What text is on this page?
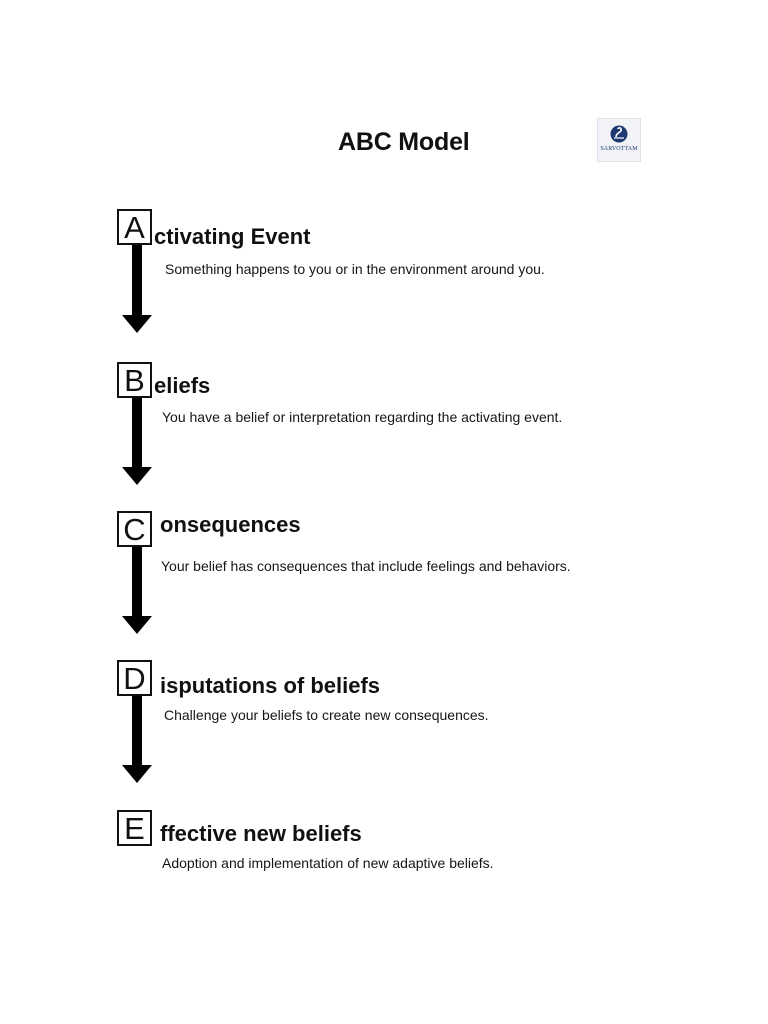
ABC Model	SARVOTTAM
A ctivating Event
Something happens to you or in the environment around you.
B eliefs
You have a belief or interpretation regarding the activating event.
C onsequences
Your belief has consequences that include feelings and behaviors.
D isputations of beliefs
Challenge your beliefs to create new consequences.
E ffective new beliefs
Adoption and implementation of new adaptive beliefs.
